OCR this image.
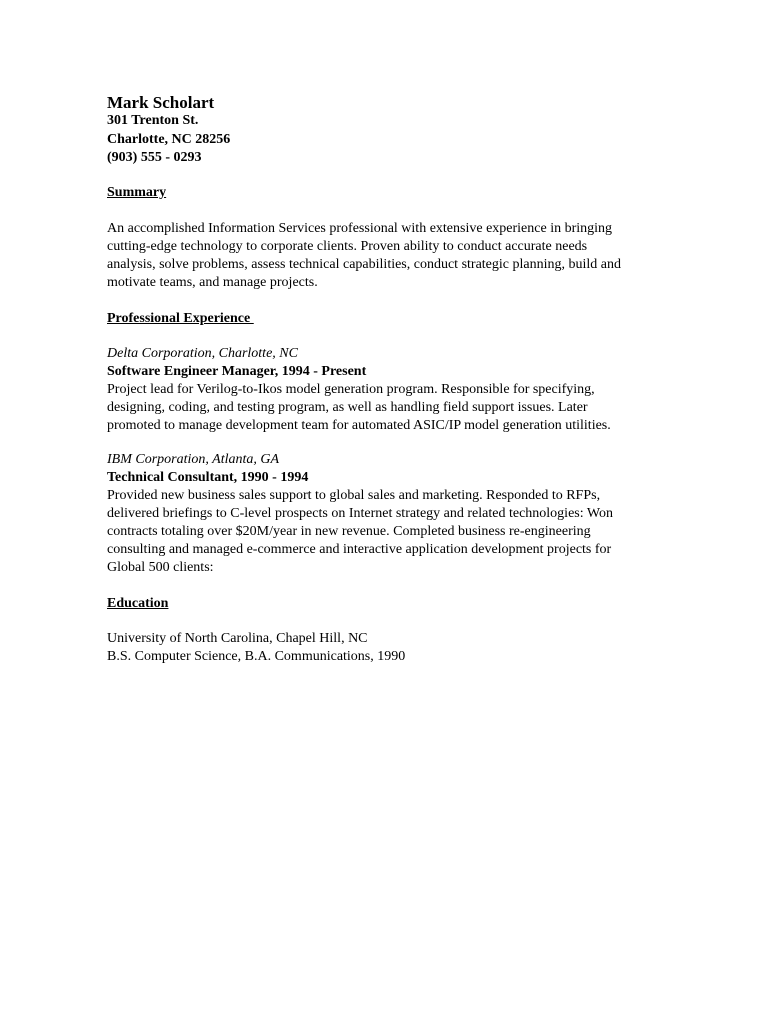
Mark Scholart
301 Trenton St.
Charlotte, NC 28256
(903) 555 - 0293
Summary
An accomplished Information Services professional with extensive experience in bringing
cutting-edge technology to corporate clients. Proven ability to conduct accurate needs
analysis, solve problems, assess technical capabilities, conduct strategic planning, build and
motivate teams, and manage projects.
Professional Experience
Delta Corporation, Charlotte, NC
Software Engineer Manager, 1994 - Present
Project lead for Verilog-to-Ikos model generation program. Responsible for specifying,
designing, coding, and testing program, as well as handling field support issues. Later
promoted to manage development team for automated ASIC/IP model generation utilities.
IBM Corporation, Atlanta, GA
Technical Consultant, 1990 - 1994
Provided new business sales support to global sales and marketing. Responded to RFPs,
delivered briefings to C-level prospects on Internet strategy and related technologies: Won
contracts totaling over $20M/year in new revenue. Completed business re-engineering
consulting and managed e-commerce and interactive application development projects for
Global 500 clients:
Education
University of North Carolina, Chapel Hill, NC
B.S. Computer Science, B.A. Communications, 1990
